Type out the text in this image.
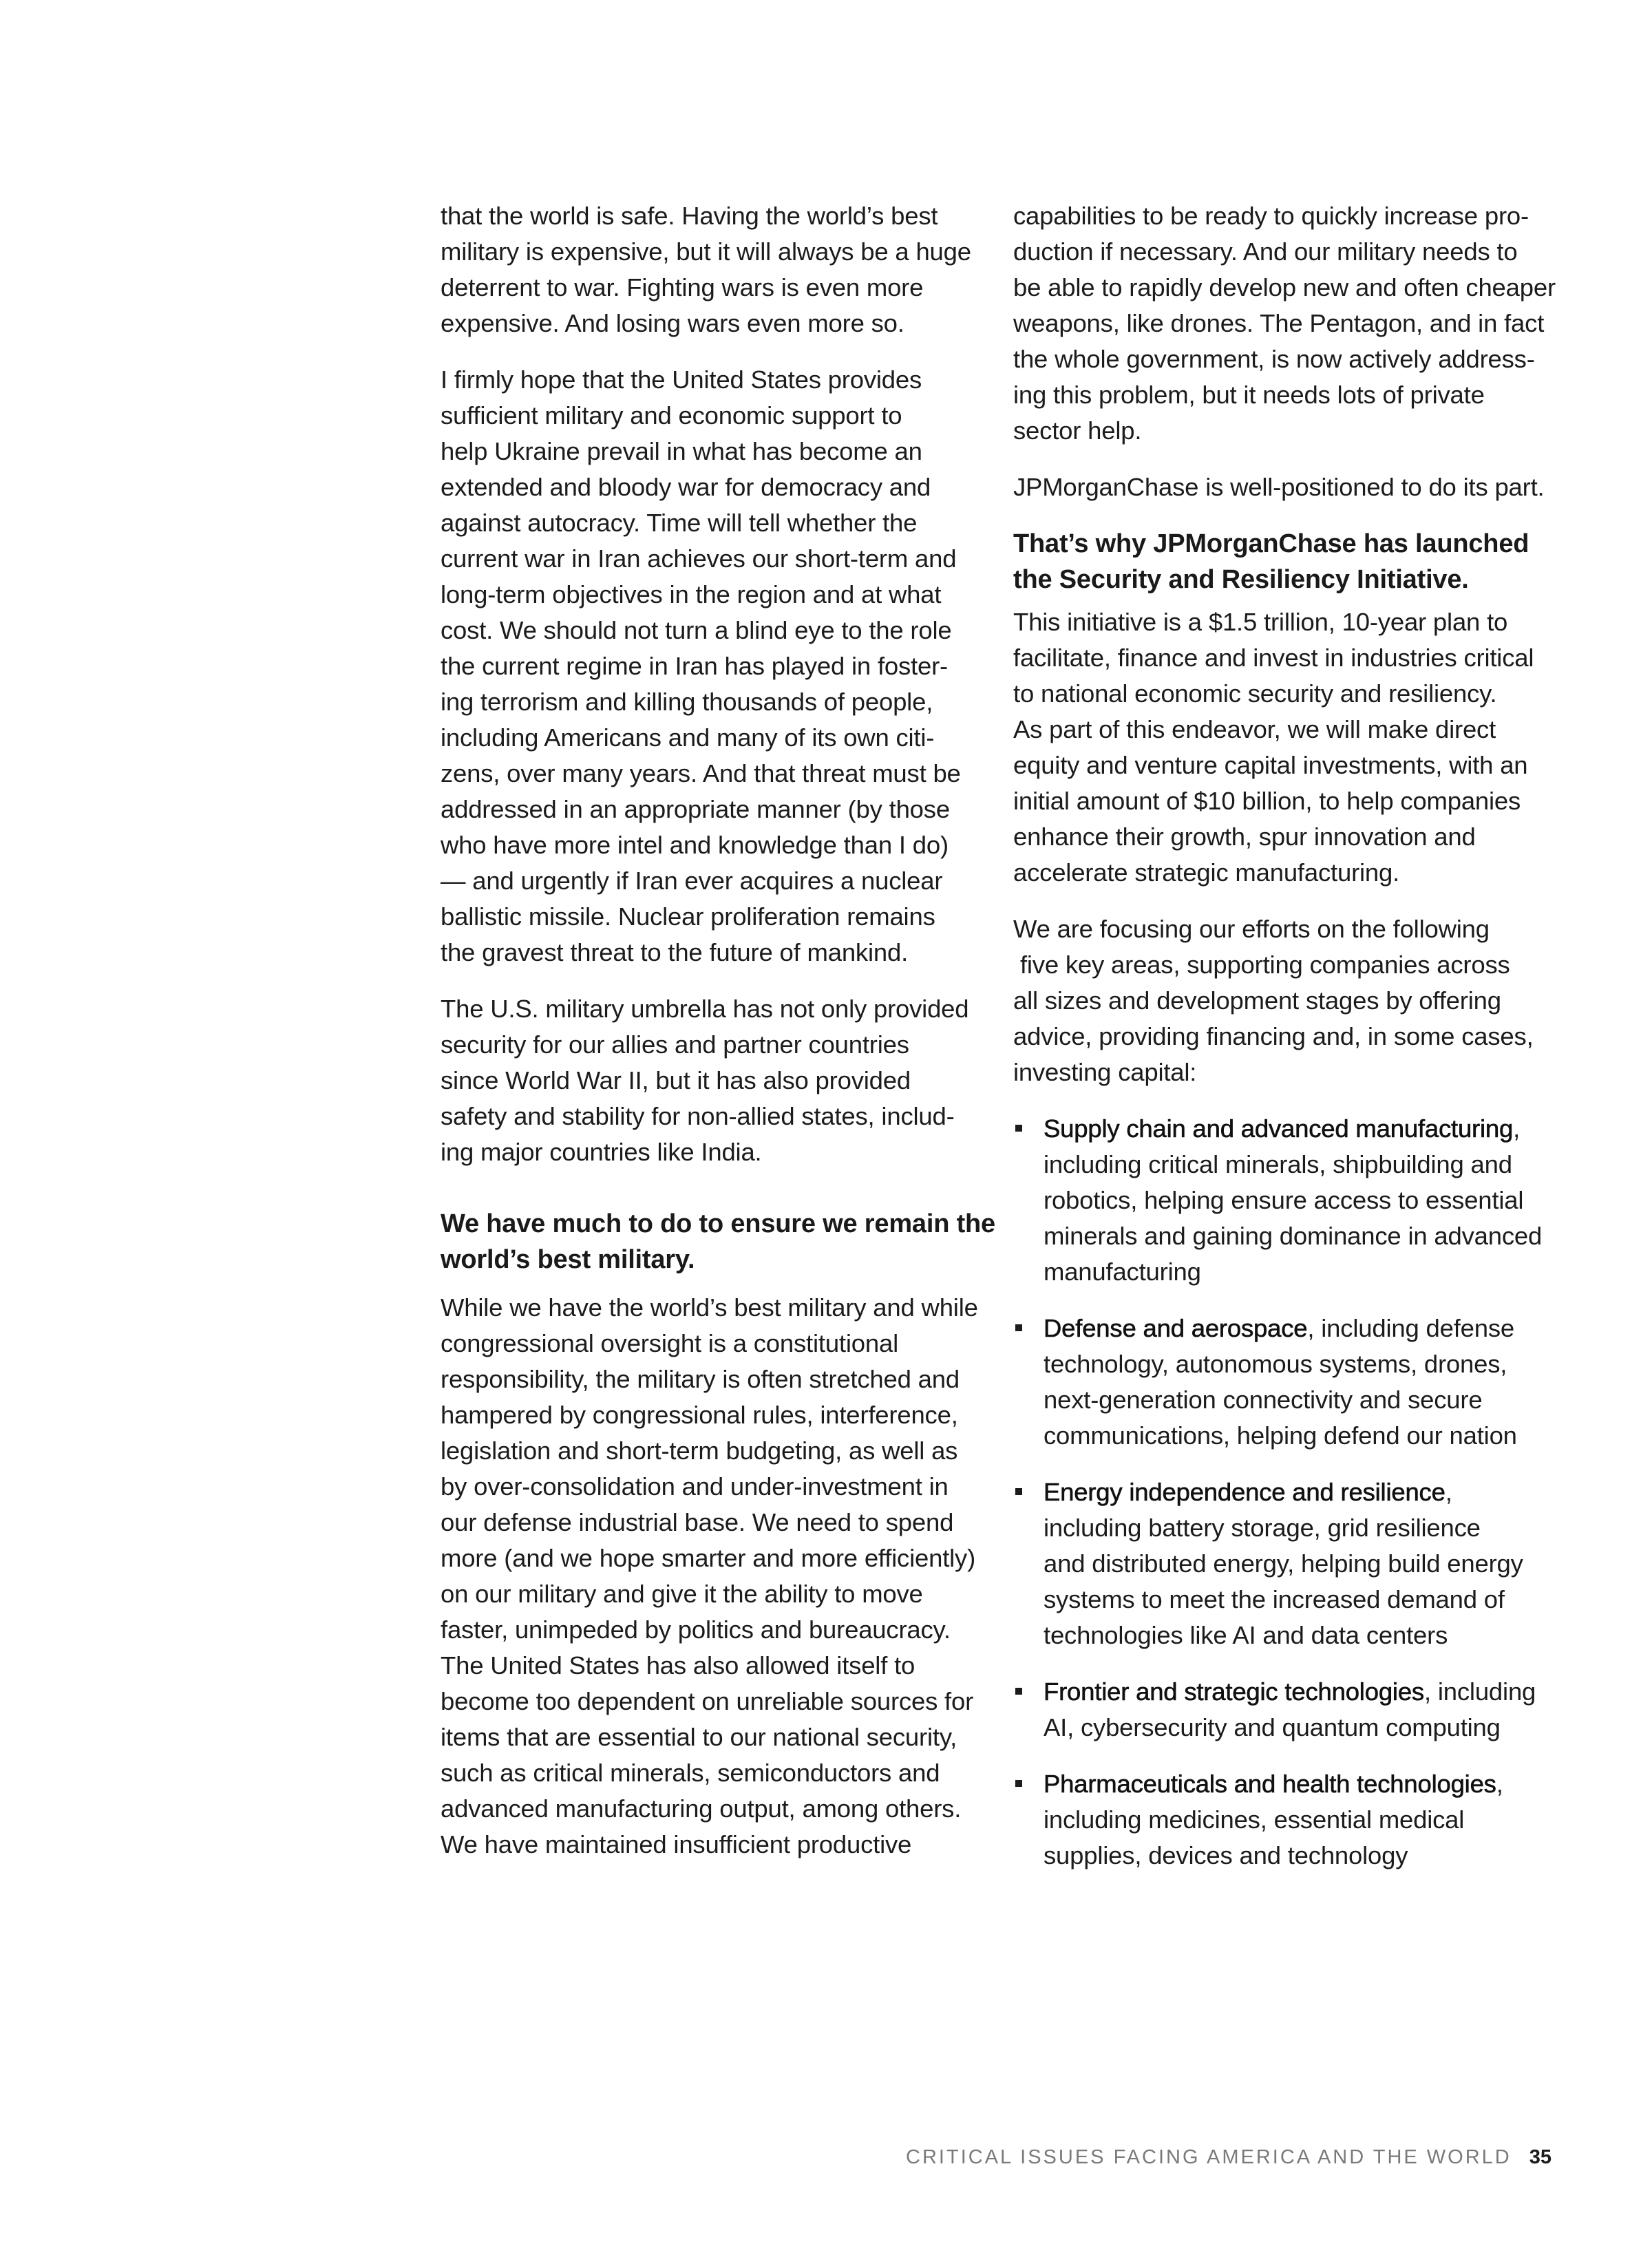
that the world is safe. Having the world’s best
military is expensive, but it will always be a huge
deterrent to war. Fighting wars is even more
expensive. And losing wars even more so.

I firmly hope that the United States provides
sufficient military and economic support to
help Ukraine prevail in what has become an
extended and bloody war for democracy and
against autocracy. Time will tell whether the
current war in Iran achieves our short-term and
long-term objectives in the region and at what
cost. We should not turn a blind eye to the role
the current regime in Iran has played in foster-
ing terrorism and killing thousands of people,
including Americans and many of its own citi-
zens, over many years. And that threat must be
addressed in an appropriate manner (by those
who have more intel and knowledge than I do)
— and urgently if Iran ever acquires a nuclear
ballistic missile. Nuclear proliferation remains
the gravest threat to the future of mankind.

The U.S. military umbrella has not only provided
security for our allies and partner countries
since World War II, but it has also provided
safety and stability for non-allied states, includ-
ing major countries like India.

We have much to do to ensure we remain the
world’s best military.

While we have the world’s best military and while
congressional oversight is a constitutional
responsibility, the military is often stretched and
hampered by congressional rules, interference,
legislation and short-term budgeting, as well as
by over-consolidation and under-investment in
our defense industrial base. We need to spend
more (and we hope smarter and more efficiently)
on our military and give it the ability to move
faster, unimpeded by politics and bureaucracy.
The United States has also allowed itself to
become too dependent on unreliable sources for
items that are essential to our national security,
such as critical minerals, semiconductors and
advanced manufacturing output, among others.
We have maintained insufficient productive

capabilities to be ready to quickly increase pro-
duction if necessary. And our military needs to
be able to rapidly develop new and often cheaper
weapons, like drones. The Pentagon, and in fact
the whole government, is now actively address-
ing this problem, but it needs lots of private
sector help.

JPMorganChase is well-positioned to do its part.

That’s why JPMorganChase has launched
the Security and Resiliency Initiative.

This initiative is a $1.5 trillion, 10-year plan to
facilitate, finance and invest in industries critical
to national economic security and resiliency.
As part of this endeavor, we will make direct
equity and venture capital investments, with an
initial amount of $10 billion, to help companies
enhance their growth, spur innovation and
accelerate strategic manufacturing.

We are focusing our efforts on the following
five key areas, supporting companies across
all sizes and development stages by offering
advice, providing financing and, in some cases,
investing capital:

Supply chain and advanced manufacturing,
including critical minerals, shipbuilding and
robotics, helping ensure access to essential
minerals and gaining dominance in advanced
manufacturing
Defense and aerospace, including defense
technology, autonomous systems, drones,
next-generation connectivity and secure
communications, helping defend our nation
Energy independence and resilience,
including battery storage, grid resilience
and distributed energy, helping build energy
systems to meet the increased demand of
technologies like AI and data centers
Frontier and strategic technologies, including
AI, cybersecurity and quantum computing
Pharmaceuticals and health technologies,
including medicines, essential medical
supplies, devices and technology
CRITICAL ISSUES FACING AMERICA AND THE WORLD 35
